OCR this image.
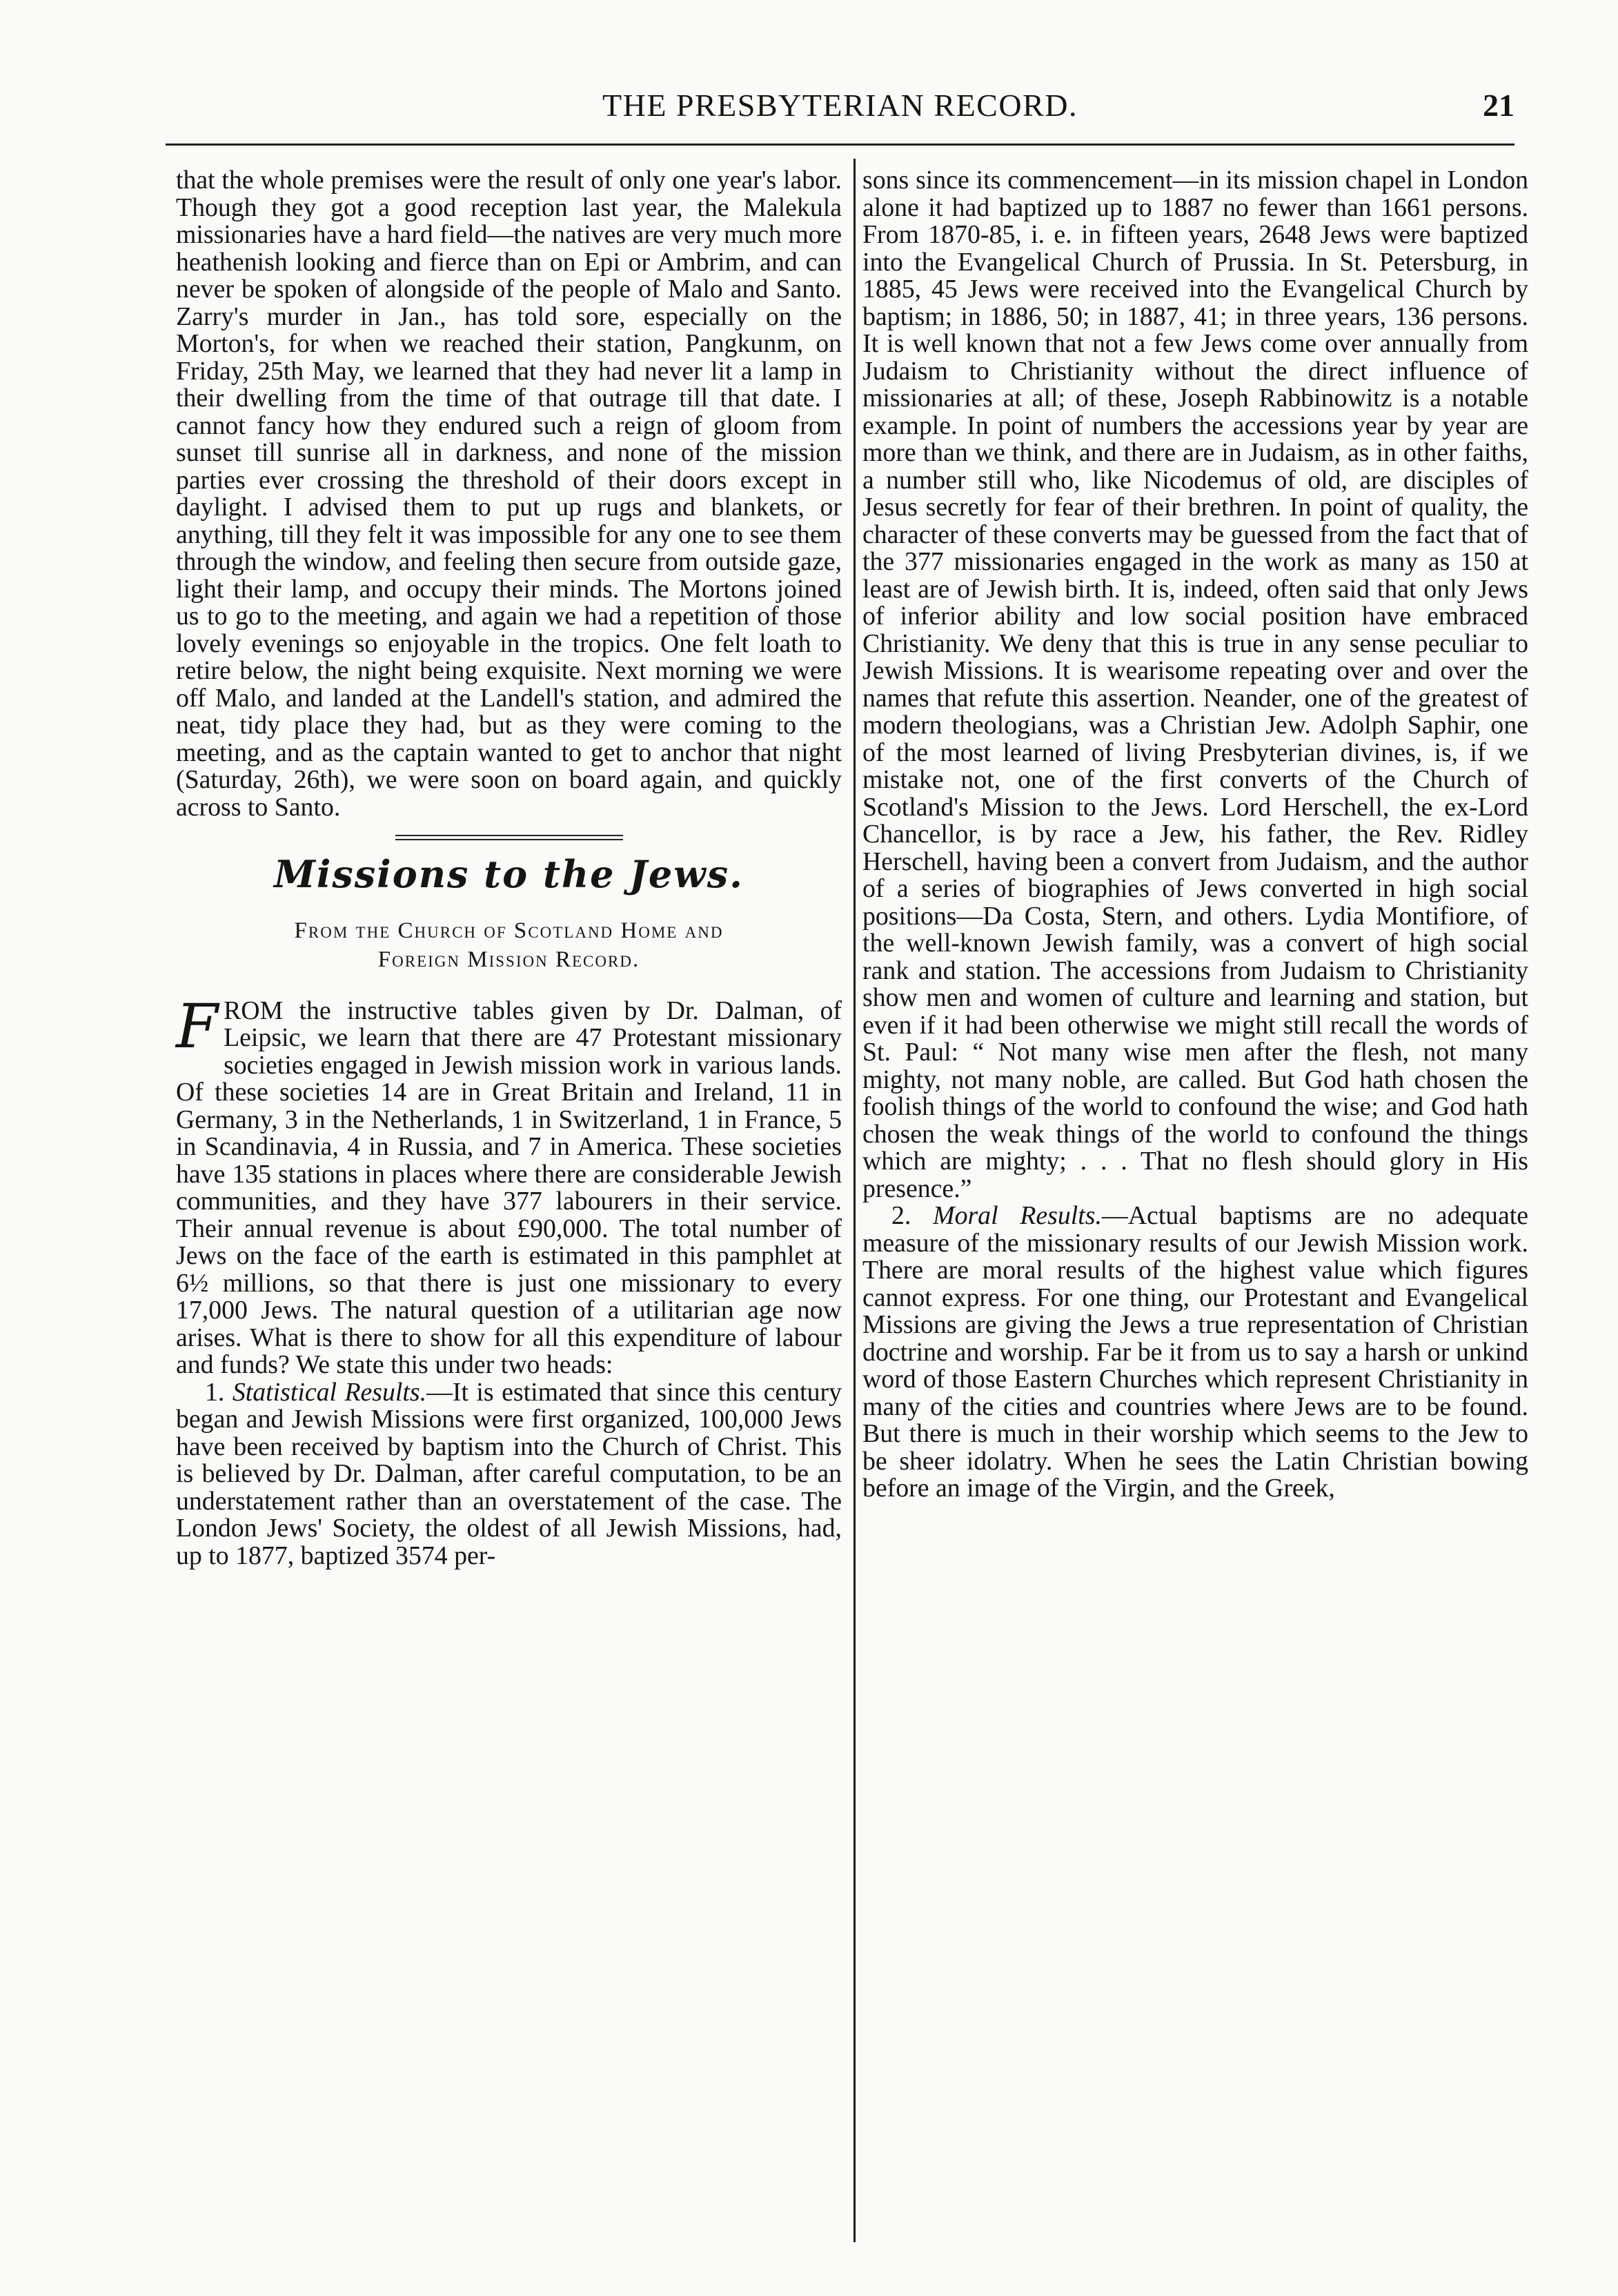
THE PRESBYTERIAN RECORD.	21

that the whole premises were the result of only one year's labor. Though they got a good reception last year, the Malekula missionaries have a hard field—the natives are very much more heathenish looking and fierce than on Epi or Ambrim, and can never be spoken of alongside of the people of Malo and Santo. Zarry's murder in Jan., has told sore, especially on the Morton's, for when we reached their station, Pangkunm, on Friday, 25th May, we learned that they had never lit a lamp in their dwelling from the time of that outrage till that date. I cannot fancy how they endured such a reign of gloom from sunset till sunrise all in darkness, and none of the mission parties ever crossing the threshold of their doors except in daylight. I advised them to put up rugs and blankets, or anything, till they felt it was impossible for any one to see them through the window, and feeling then secure from outside gaze, light their lamp, and occupy their minds. The Mortons joined us to go to the meeting, and again we had a repetition of those lovely evenings so enjoyable in the tropics. One felt loath to retire below, the night being exquisite. Next morning we were off Malo, and landed at the Landell's station, and admired the neat, tidy place they had, but as they were coming to the meeting, and as the captain wanted to get to anchor that night (Saturday, 26th), we were soon on board again, and quickly across to Santo.

Missions to the Jews.
From the Church of Scotland Home and
Foreign Mission Record.

FROM the instructive tables given by Dr. Dalman, of Leipsic, we learn that there are 47 Protestant missionary societies engaged in Jewish mission work in various lands. Of these societies 14 are in Great Britain and Ireland, 11 in Germany, 3 in the Netherlands, 1 in Switzerland, 1 in France, 5 in Scandinavia, 4 in Russia, and 7 in America. These societies have 135 stations in places where there are considerable Jewish communities, and they have 377 labourers in their service. Their annual revenue is about £90,000. The total number of Jews on the face of the earth is estimated in this pamphlet at 6½ millions, so that there is just one missionary to every 17,000 Jews. The natural question of a utilitarian age now arises. What is there to show for all this expenditure of labour and funds? We state this under two heads:

1. Statistical Results.—It is estimated that since this century began and Jewish Missions were first organized, 100,000 Jews have been received by baptism into the Church of Christ. This is believed by Dr. Dalman, after careful computation, to be an understatement rather than an overstatement of the case. The London Jews' Society, the oldest of all Jewish Missions, had, up to 1877, baptized 3574 per-

sons since its commencement—in its mission chapel in London alone it had baptized up to 1887 no fewer than 1661 persons. From 1870-85, i. e. in fifteen years, 2648 Jews were baptized into the Evangelical Church of Prussia. In St. Petersburg, in 1885, 45 Jews were received into the Evangelical Church by baptism; in 1886, 50; in 1887, 41; in three years, 136 persons. It is well known that not a few Jews come over annually from Judaism to Christianity without the direct influence of missionaries at all; of these, Joseph Rabbinowitz is a notable example. In point of numbers the accessions year by year are more than we think, and there are in Judaism, as in other faiths, a number still who, like Nicodemus of old, are disciples of Jesus secretly for fear of their brethren. In point of quality, the character of these converts may be guessed from the fact that of the 377 missionaries engaged in the work as many as 150 at least are of Jewish birth. It is, indeed, often said that only Jews of inferior ability and low social position have embraced Christianity. We deny that this is true in any sense peculiar to Jewish Missions. It is wearisome repeating over and over the names that refute this assertion. Neander, one of the greatest of modern theologians, was a Christian Jew. Adolph Saphir, one of the most learned of living Presbyterian divines, is, if we mistake not, one of the first converts of the Church of Scotland's Mission to the Jews. Lord Herschell, the ex-Lord Chancellor, is by race a Jew, his father, the Rev. Ridley Herschell, having been a convert from Judaism, and the author of a series of biographies of Jews converted in high social positions—Da Costa, Stern, and others. Lydia Montifiore, of the well-known Jewish family, was a convert of high social rank and station. The accessions from Judaism to Christianity show men and women of culture and learning and station, but even if it had been otherwise we might still recall the words of St. Paul: “ Not many wise men after the flesh, not many mighty, not many noble, are called. But God hath chosen the foolish things of the world to confound the wise; and God hath chosen the weak things of the world to confound the things which are mighty; . . . That no flesh should glory in His presence.”

2. Moral Results.—Actual baptisms are no adequate measure of the missionary results of our Jewish Mission work. There are moral results of the highest value which figures cannot express. For one thing, our Protestant and Evangelical Missions are giving the Jews a true representation of Christian doctrine and worship. Far be it from us to say a harsh or unkind word of those Eastern Churches which represent Christianity in many of the cities and countries where Jews are to be found. But there is much in their worship which seems to the Jew to be sheer idolatry. When he sees the Latin Christian bowing before an image of the Virgin, and the Greek,
